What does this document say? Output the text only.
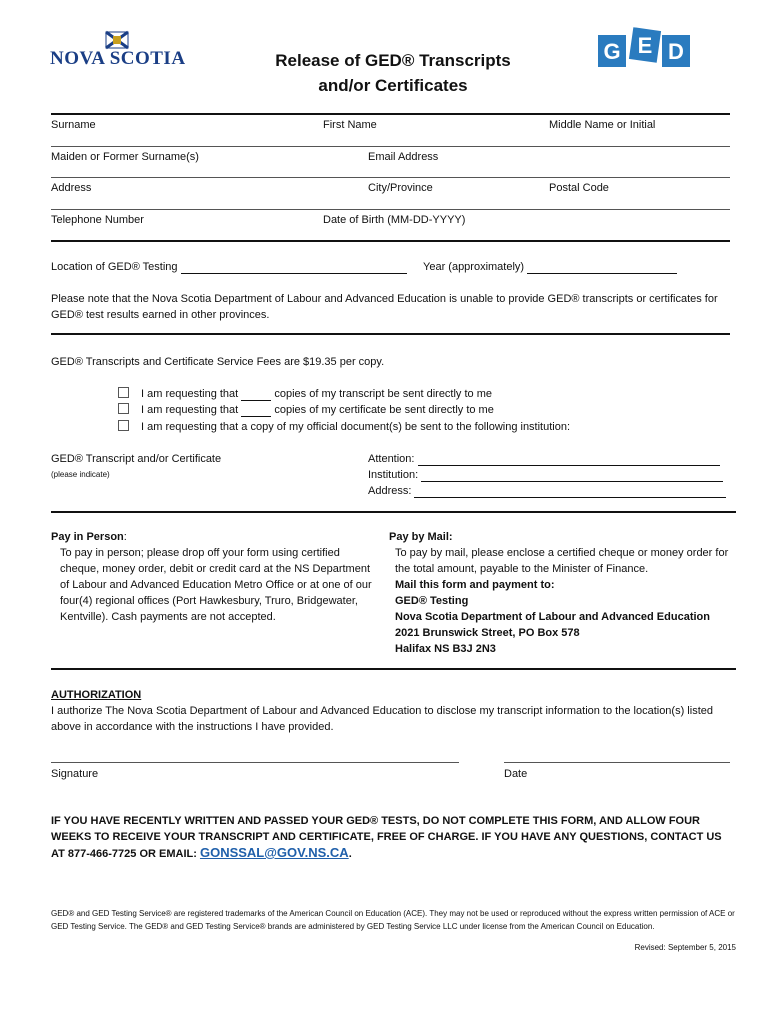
NOVA SCOTIA	G E D
Release of GED® Transcripts
and/or Certificates
Surname	First Name	Middle Name or Initial
Maiden or Former Surname(s)	Email Address
Address	City/Province	Postal Code
Telephone Number	Date of Birth (MM-DD-YYYY)
Location of GED® Testing	Year (approximately)
Please note that the Nova Scotia Department of Labour and Advanced Education is unable to provide GED® transcripts or certificates for GED® test results earned in other provinces.
GED® Transcripts and Certificate Service Fees are $19.35 per copy.
I am requesting that	copies of my transcript be sent directly to me
I am requesting that	copies of my certificate be sent directly to me
I am requesting that a copy of my official document(s) be sent to the following institution:
GED® Transcript and/or Certificate
(please indicate)
Attention:
Institution:
Address:
Pay in Person:
To pay in person; please drop off your form using certified cheque, money order, debit or credit card at the NS Department of Labour and Advanced Education Metro Office or at one of our four(4) regional offices (Port Hawkesbury, Truro, Bridgewater, Kentville). Cash payments are not accepted.
Pay by Mail:
To pay by mail, please enclose a certified cheque or money order for the total amount, payable to the Minister of Finance.
Mail this form and payment to:
GED® Testing
Nova Scotia Department of Labour and Advanced Education
2021 Brunswick Street, PO Box 578
Halifax NS B3J 2N3
AUTHORIZATION
I authorize The Nova Scotia Department of Labour and Advanced Education to disclose my transcript information to the location(s) listed above in accordance with the instructions I have provided.
Signature	Date
IF YOU HAVE RECENTLY WRITTEN AND PASSED YOUR GED® TESTS, DO NOT COMPLETE THIS FORM, AND ALLOW FOUR WEEKS TO RECEIVE YOUR TRANSCRIPT AND CERTIFICATE, FREE OF CHARGE. IF YOU HAVE ANY QUESTIONS, CONTACT US AT 877-466-7725 OR EMAIL: GONSSAL@GOV.NS.CA.
GED® and GED Testing Service® are registered trademarks of the American Council on Education (ACE). They may not be used or reproduced without the express written permission of ACE or GED Testing Service. The GED® and GED Testing Service® brands are administered by GED Testing Service LLC under license from the American Council on Education.
Revised: September 5, 2015
